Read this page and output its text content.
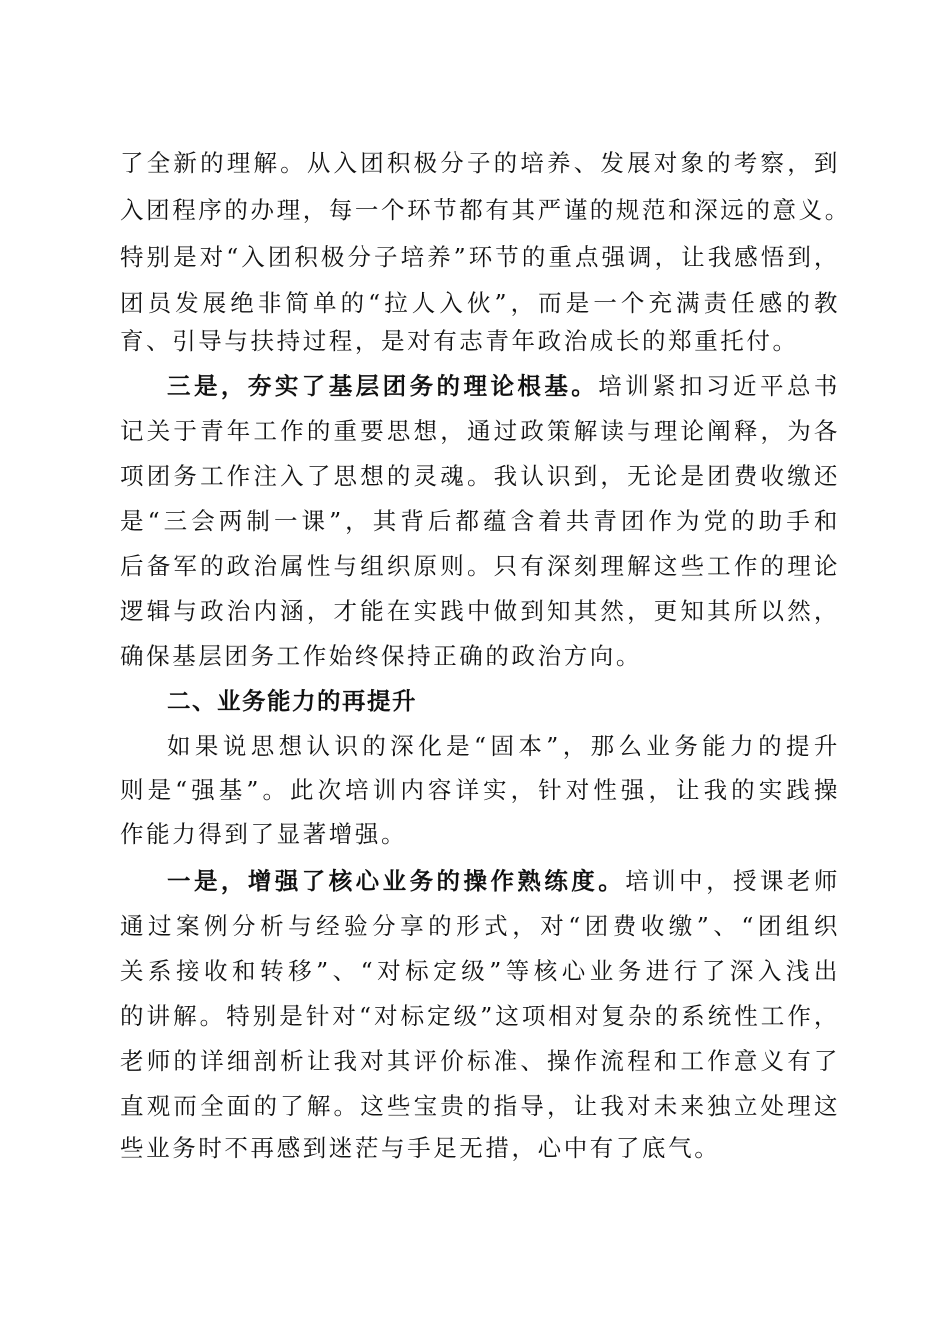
了全新的理解。从入团积极分子的培养、发展对象的考察，到
入团程序的办理，每一个环节都有其严谨的规范和深远的意义。
特别是对“入团积极分子培养”环节的重点强调，让我感悟到，
团员发展绝非简单的“拉人入伙”，而是一个充满责任感的教
育、引导与扶持过程，是对有志青年政治成长的郑重托付。
三是，夯实了基层团务的理论根基。培训紧扣习近平总书
记关于青年工作的重要思想，通过政策解读与理论阐释，为各
项团务工作注入了思想的灵魂。我认识到，无论是团费收缴还
是“三会两制一课”，其背后都蕴含着共青团作为党的助手和
后备军的政治属性与组织原则。只有深刻理解这些工作的理论
逻辑与政治内涵，才能在实践中做到知其然，更知其所以然，
确保基层团务工作始终保持正确的政治方向。
二、业务能力的再提升
如果说思想认识的深化是“固本”，那么业务能力的提升
则是“强基”。此次培训内容详实，针对性强，让我的实践操
作能力得到了显著增强。
一是，增强了核心业务的操作熟练度。培训中，授课老师
通过案例分析与经验分享的形式，对“团费收缴”、“团组织
关系接收和转移”、“对标定级”等核心业务进行了深入浅出
的讲解。特别是针对“对标定级”这项相对复杂的系统性工作，
老师的详细剖析让我对其评价标准、操作流程和工作意义有了
直观而全面的了解。这些宝贵的指导，让我对未来独立处理这
些业务时不再感到迷茫与手足无措，心中有了底气。
